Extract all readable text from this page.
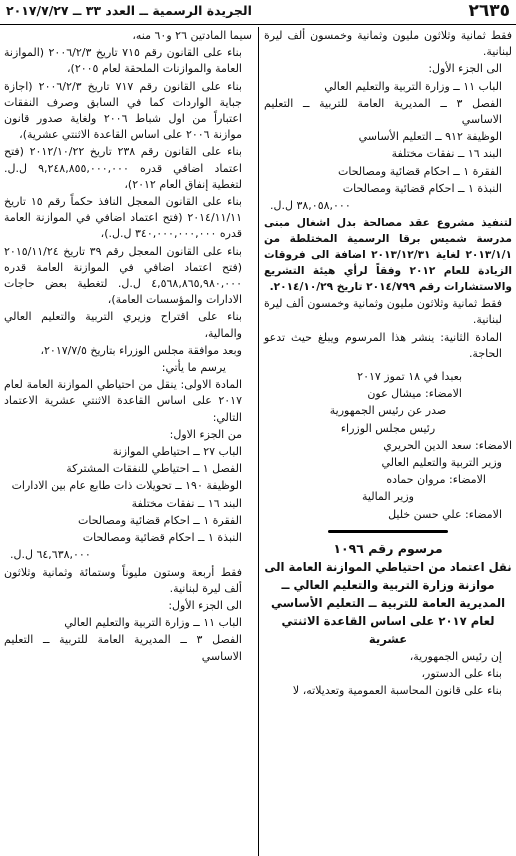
٢٦٣٥
الجريدة الرسمية ــ العدد ٣٣ ــ ٢٠١٧/٧/٢٧

فقط ثمانية وثلاثون مليون وثمانية وخمسون ألف ليرة لبنانية.

الى الجزء الأول:

الباب ١١ ــ وزارة التربية والتعليم العالي

الفصل ٣ ــ المديرية العامة للتربية ــ التعليم الاساسي

الوظيفة ٩١٢ ــ التعليم الأساسي

البند ١٦ ــ نفقات مختلفة

الفقرة ١ ــ احكام قضائية ومصالحات

النبذة ١ ــ احكام قضائية ومصالحات

٣٨,٠٥٨,٠٠٠ ل.ل.

لتنفيذ مشروع عقد مصالحة بدل اشغال مبنى مدرسة شميس برقا الرسمية المختلطة من ٢٠١٣/١/١ لغاية ٢٠١٣/١٢/٣١ اضافة الى فروقات الزيادة للعام ٢٠١٢ وفقاً لرأي هيئة التشريع والاستشارات رقم ٢٠١٤/٧٩٩ تاريخ ٢٠١٤/١٠/٢٩.

فقط ثمانية وثلاثون مليون وثمانية وخمسون ألف ليرة لبنانية.

المادة الثانية: ينشر هذا المرسوم ويبلغ حيث تدعو الحاجة.

بعبدا في ١٨ تموز ٢٠١٧

الامضاء: ميشال عون

صدر عن رئيس الجمهورية

رئيس مجلس الوزراء

الامضاء: سعد الدين الحريري

وزير التربية والتعليم العالي

الامضاء: مروان حماده

وزير المالية

الامضاء: علي حسن خليل

مرسوم رقم ١٠٩٦

نقل اعتماد من احتياطي الموازنة العامة الى موازنة وزارة التربية والتعليم العالي ــ المديرية العامة للتربية ــ التعليم الأساسي لعام ٢٠١٧ على اساس القاعدة الاثنتي عشرية

إن رئيس الجمهورية،

بناء على الدستور،

بناء على قانون المحاسبة العمومية وتعديلاته، لا

سيما المادتين ٢٦ و٦٠ منه،

بناء على القانون رقم ٧١٥ تاريخ ٢٠٠٦/٢/٣ (الموازنة العامة والموازنات الملحقة لعام ٢٠٠٥)،

بناء على القانون رقم ٧١٧ تاريخ ٢٠٠٦/٢/٣ (اجازة جباية الواردات كما في السابق وصرف النفقات اعتباراً من اول شباط ٢٠٠٦ ولغاية صدور قانون موازنة ٢٠٠٦ على اساس القاعدة الاثنتي عشرية)،

بناء على القانون رقم ٢٣٨ تاريخ ٢٠١٢/١٠/٢٢ (فتح اعتماد اضافي قدره ٩,٢٤٨,٨٥٥,٠٠٠,٠٠٠ ل.ل. لتغطية إنفاق العام ٢٠١٢)،

بناء على القانون المعجل النافذ حكماً رقم ١٥ تاريخ ٢٠١٤/١١/١١ (فتح اعتماد اضافي في الموازنة العامة قدره ٣٤٠,٠٠٠,٠٠٠,٠٠٠ ل.ل.)،

بناء على القانون المعجل رقم ٣٩ تاريخ ٢٠١٥/١١/٢٤ (فتح اعتماد اضافي في الموازنة العامة قدره ٤,٥٦٨,٨٦٥,٩٨٠,٠٠٠ ل.ل. لتغطية بعض حاجات الادارات والمؤسسات العامة)،

بناء على اقتراح وزيري التربية والتعليم العالي والمالية،

وبعد موافقة مجلس الوزراء بتاريخ ٢٠١٧/٧/٥،

يرسم ما يأتي:

المادة الاولى: ينقل من احتياطي الموازنة العامة لعام ٢٠١٧ على اساس القاعدة الاثنتي عشرية الاعتماد التالي:

من الجزء الاول:

الباب ٢٧ ــ احتياطي الموازنة

الفصل ١ ــ احتياطي للنفقات المشتركة

الوظيفة ١٩٠ ــ تحويلات ذات طابع عام بين الادارات

البند ١٦ ــ نفقات مختلفة

الفقرة ١ ــ احكام قضائية ومصالحات

النبذة ١ ــ احكام قضائية ومصالحات

٦٤,٦٣٨,٠٠٠ ل.ل.

فقط أربعة وستون مليوناً وستمائة وثمانية وثلاثون ألف ليرة لبنانية.

الى الجزء الأول:

الباب ١١ ــ وزارة التربية والتعليم العالي

الفصل ٣ ــ المديرية العامة للتربية ــ التعليم الاساسي
